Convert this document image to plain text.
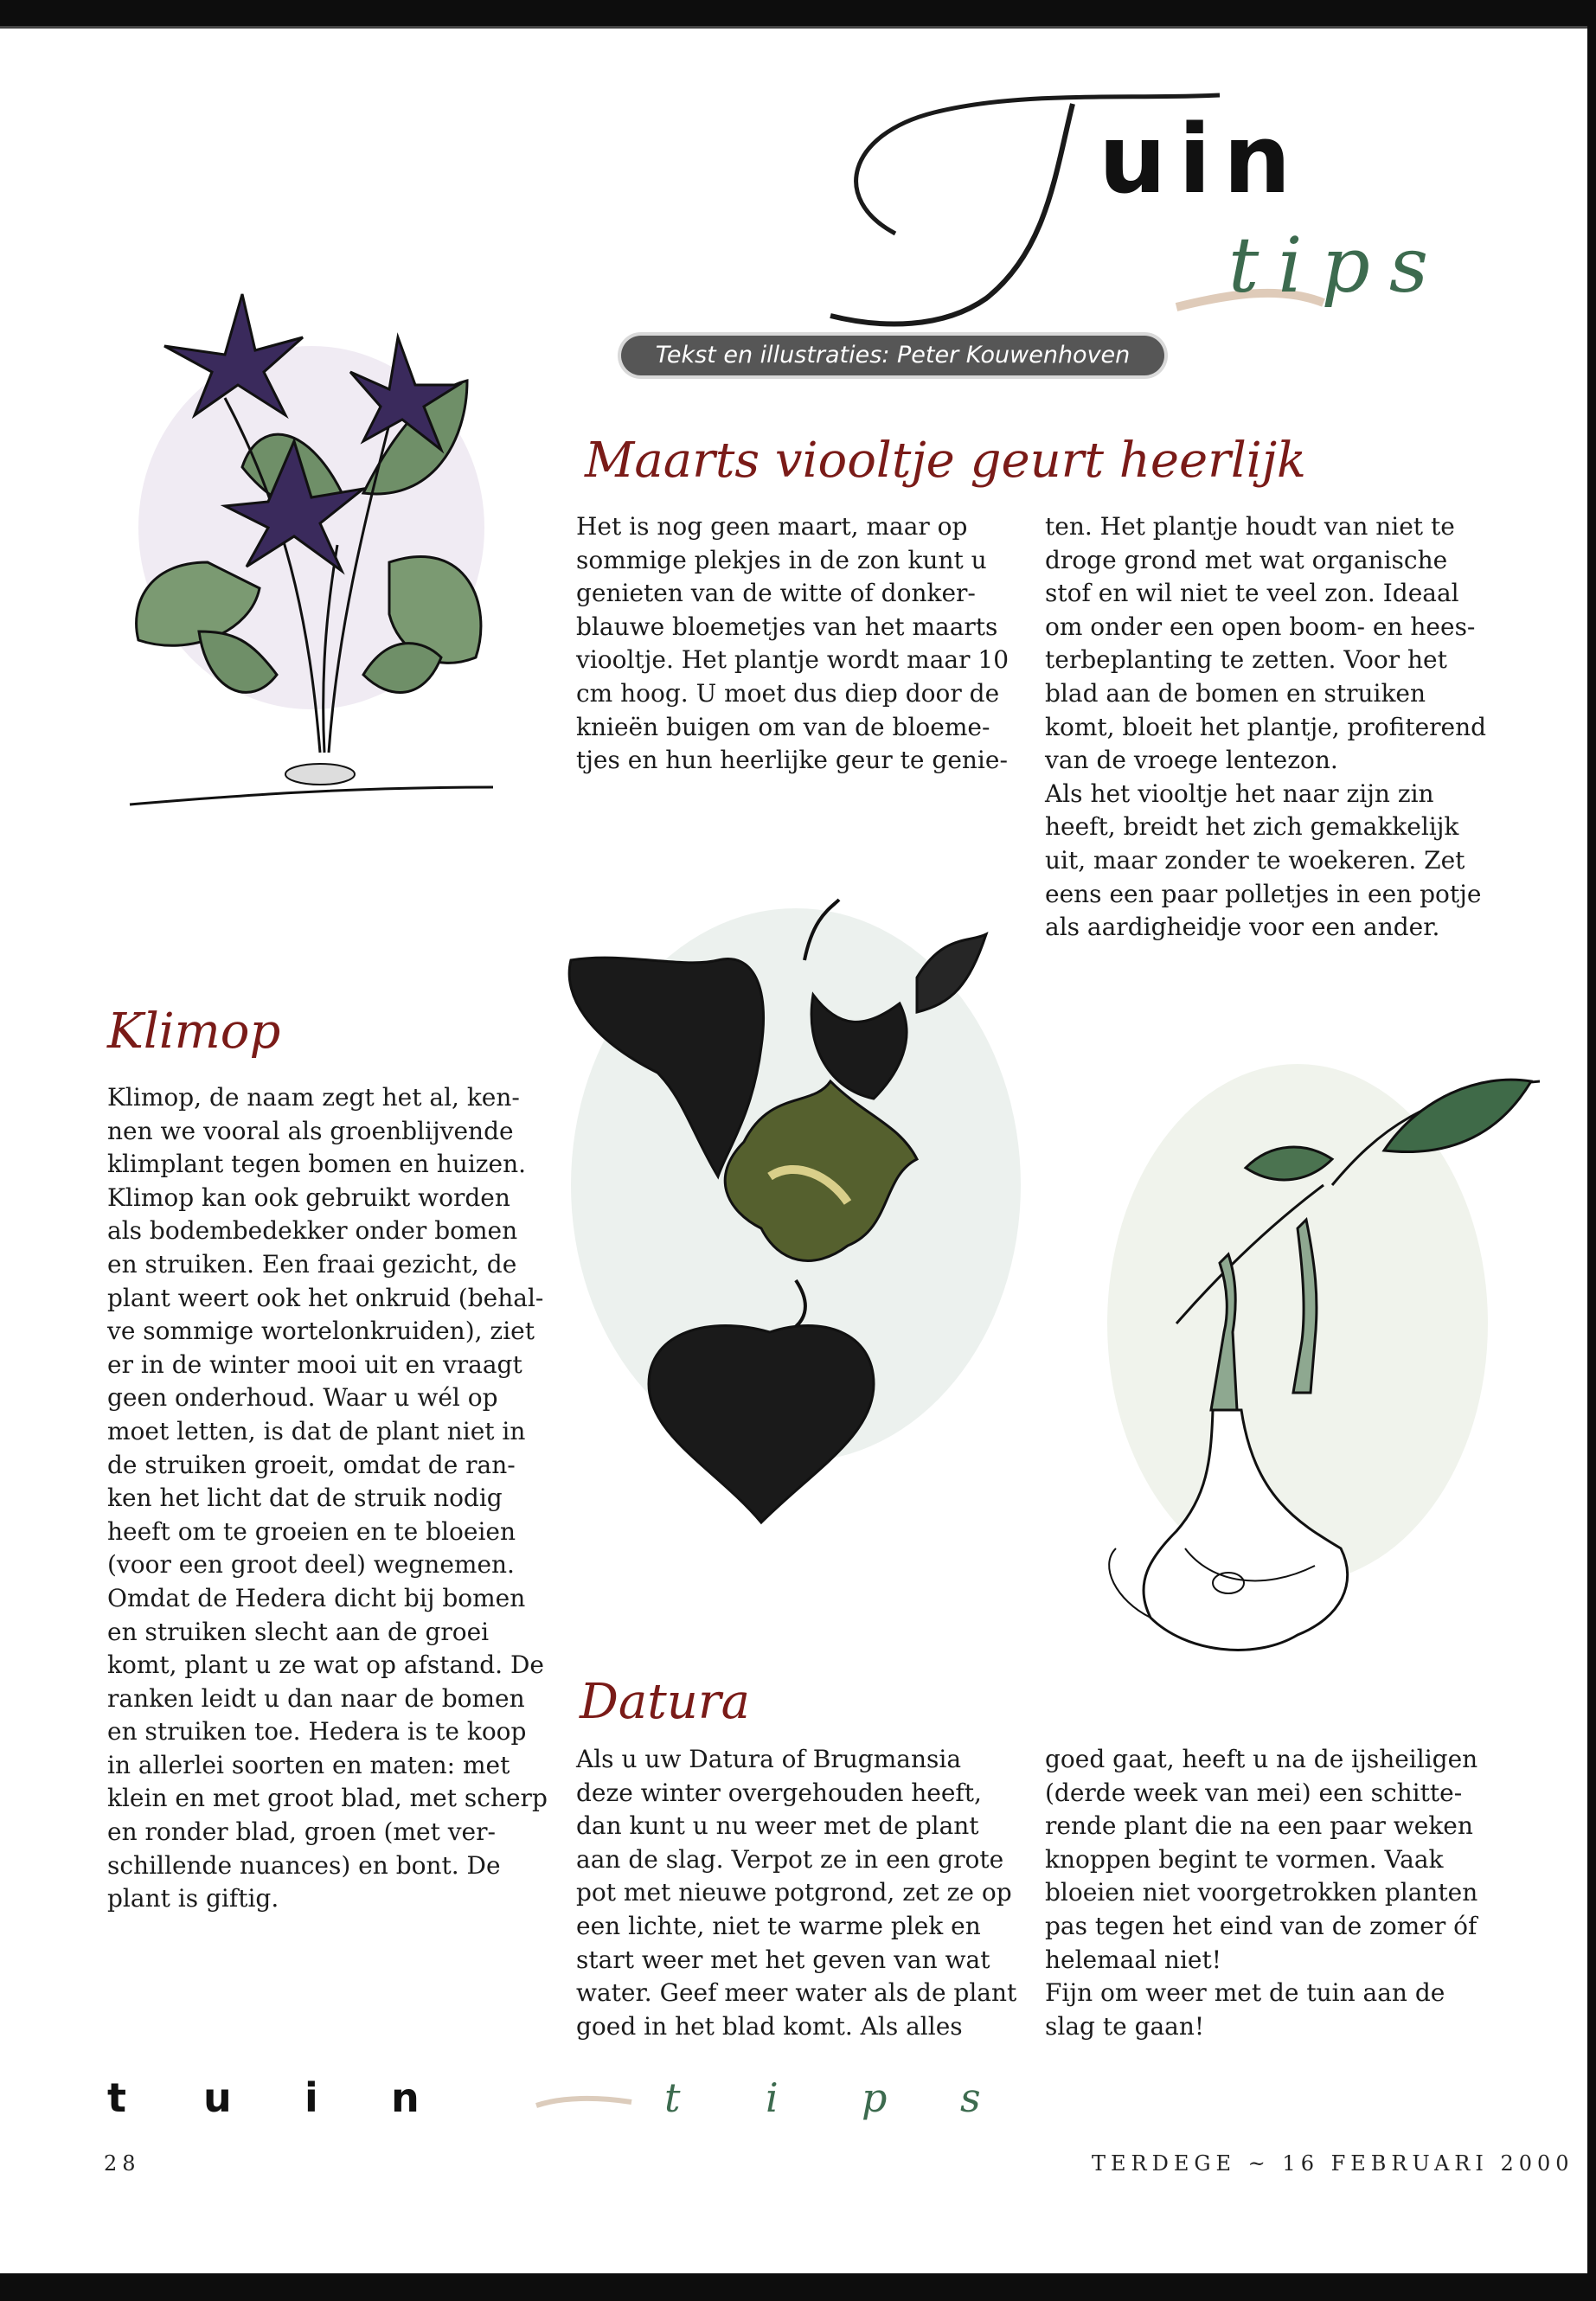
uin
tips
Tekst en illustraties: Peter Kouwenhoven
Maarts viooltje geurt heerlijk
Het is nog geen maart, maar op
sommige plekjes in de zon kunt u
genieten van de witte of donker-
blauwe bloemetjes van het maarts
viooltje. Het plantje wordt maar 10
cm hoog. U moet dus diep door de
knieën buigen om van de bloeme-
tjes en hun heerlijke geur te genie-
ten. Het plantje houdt van niet te
droge grond met wat organische
stof en wil niet te veel zon. Ideaal
om onder een open boom- en hees-
terbeplanting te zetten. Voor het
blad aan de bomen en struiken
komt, bloeit het plantje, profiterend
van de vroege lentezon.
Als het viooltje het naar zijn zin
heeft, breidt het zich gemakkelijk
uit, maar zonder te woekeren. Zet
eens een paar polletjes in een potje
als aardigheidje voor een ander.
Klimop
Klimop, de naam zegt het al, ken-
nen we vooral als groenblijvende
klimplant tegen bomen en huizen.
Klimop kan ook gebruikt worden
als bodembedekker onder bomen
en struiken. Een fraai gezicht, de
plant weert ook het onkruid (behal-
ve sommige wortelonkruiden), ziet
er in de winter mooi uit en vraagt
geen onderhoud. Waar u wél op
moet letten, is dat de plant niet in
de struiken groeit, omdat de ran-
ken het licht dat de struik nodig
heeft om te groeien en te bloeien
(voor een groot deel) wegnemen.
Omdat de Hedera dicht bij bomen
en struiken slecht aan de groei
komt, plant u ze wat op afstand. De
ranken leidt u dan naar de bomen
en struiken toe. Hedera is te koop
in allerlei soorten en maten: met
klein en met groot blad, met scherp
en ronder blad, groen (met ver-
schillende nuances) en bont. De
plant is giftig.
Datura
Als u uw Datura of Brugmansia
deze winter overgehouden heeft,
dan kunt u nu weer met de plant
aan de slag. Verpot ze in een grote
pot met nieuwe potgrond, zet ze op
een lichte, niet te warme plek en
start weer met het geven van wat
water. Geef meer water als de plant
goed in het blad komt. Als alles
goed gaat, heeft u na de ijsheiligen
(derde week van mei) een schitte-
rende plant die na een paar weken
knoppen begint te vormen. Vaak
bloeien niet voorgetrokken planten
pas tegen het eind van de zomer óf
helemaal niet!
Fijn om weer met de tuin aan de
slag te gaan!
t u i n	t i p s
28	TERDEGE ~ 16 FEBRUARI 2000
